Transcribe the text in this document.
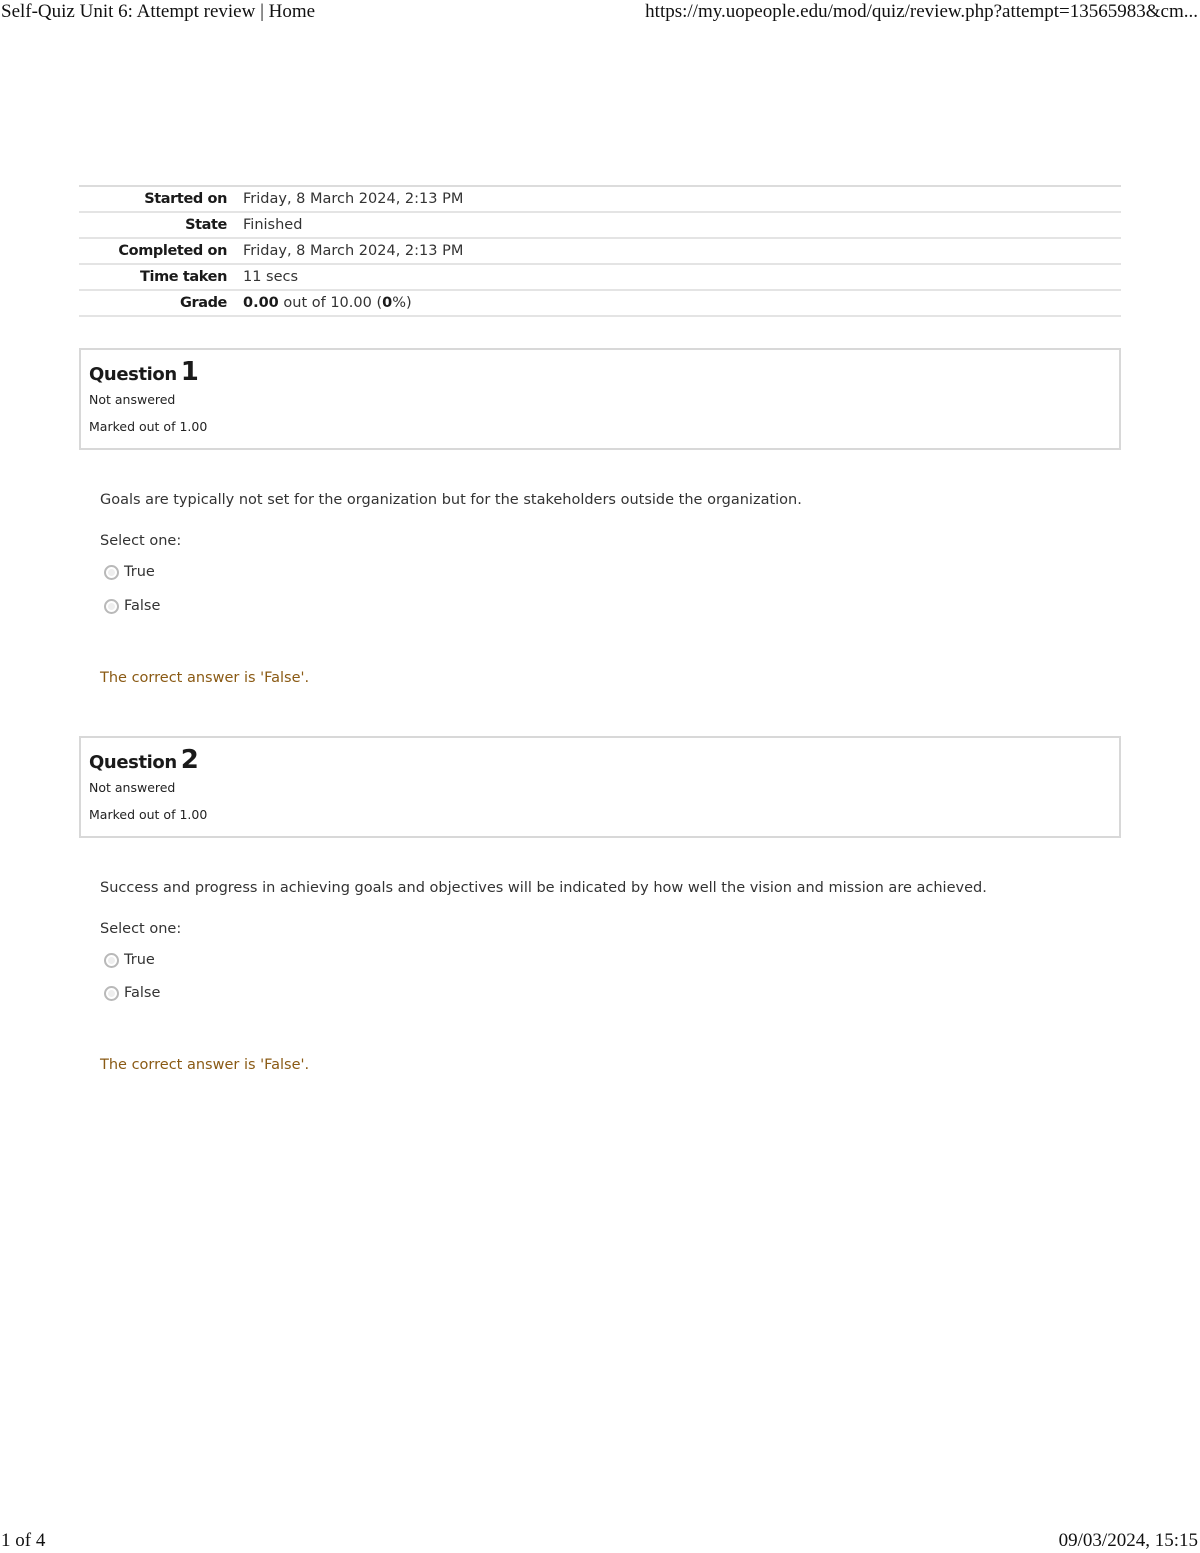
Self-Quiz Unit 6: Attempt review | Home	https://my.uopeople.edu/mod/quiz/review.php?attempt=13565983&cm...
Started on	Friday, 8 March 2024, 2:13 PM
State	Finished
Completed on	Friday, 8 March 2024, 2:13 PM
Time taken	11 secs
Grade	0.00 out of 10.00 (0%)
Question 1
Not answered
Marked out of 1.00
Goals are typically not set for the organization but for the stakeholders outside the organization.
Select one:
True
False
The correct answer is 'False'.
Question 2
Not answered
Marked out of 1.00
Success and progress in achieving goals and objectives will be indicated by how well the vision and mission are achieved.
Select one:
True
False
The correct answer is 'False'.
1 of 4	09/03/2024, 15:15
